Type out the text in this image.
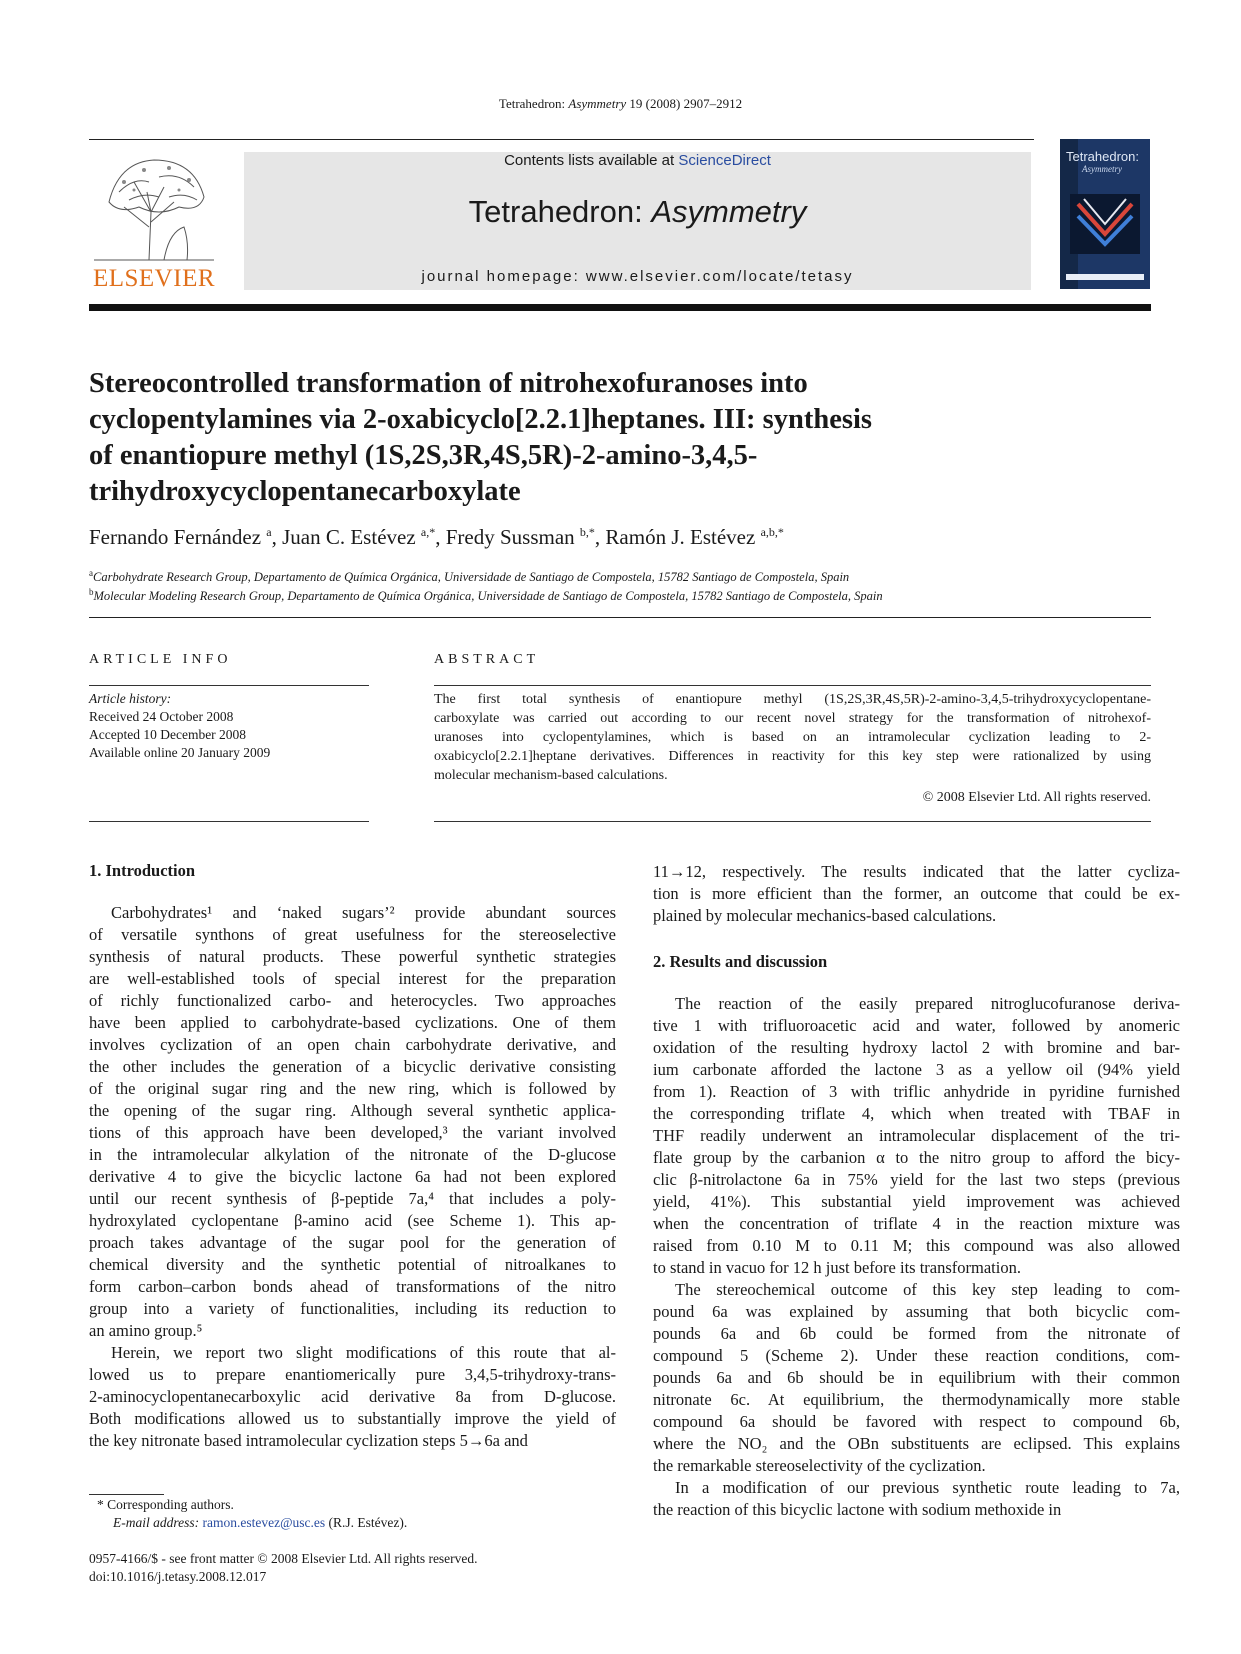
Tetrahedron: Asymmetry 19 (2008) 2907–2912
ELSEVIER
Contents lists available at ScienceDirect
Tetrahedron: Asymmetry
journal homepage: www.elsevier.com/locate/tetasy
Tetrahedron:
Asymmetry
Stereocontrolled transformation of nitrohexofuranoses into
cyclopentylamines via 2-oxabicyclo[2.2.1]heptanes. III: synthesis
of enantiopure methyl (1S,2S,3R,4S,5R)-2-amino-3,4,5-
trihydroxycyclopentanecarboxylate
Fernando Fernández $^a$, Juan C. Estévez $^{a,*}$, Fredy Sussman $^{b,*}$, Ramón J. Estévez $^{a,b,*}$
$^a$Carbohydrate Research Group, Departamento de Química Orgánica, Universidade de Santiago de Compostela, 15782 Santiago de Compostela, Spain
$^b$Molecular Modeling Research Group, Departamento de Química Orgánica, Universidade de Santiago de Compostela, 15782 Santiago de Compostela, Spain
ARTICLE INFO
Article history:
Received 24 October 2008
Accepted 10 December 2008
Available online 20 January 2009
ABSTRACT
The first total synthesis of enantiopure methyl (1S,2S,3R,4S,5R)-2-amino-3,4,5-trihydroxycyclopentane-
carboxylate was carried out according to our recent novel strategy for the transformation of nitrohexof-
uranoses into cyclopentylamines, which is based on an intramolecular cyclization leading to 2-
oxabicyclo[2.2.1]heptane derivatives. Differences in reactivity for this key step were rationalized by using
molecular mechanism-based calculations.
© 2008 Elsevier Ltd. All rights reserved.
1. Introduction
Carbohydrates¹ and ‘naked sugars’² provide abundant sources
of versatile synthons of great usefulness for the stereoselective
synthesis of natural products. These powerful synthetic strategies
are well-established tools of special interest for the preparation
of richly functionalized carbo- and heterocycles. Two approaches
have been applied to carbohydrate-based cyclizations. One of them
involves cyclization of an open chain carbohydrate derivative, and
the other includes the generation of a bicyclic derivative consisting
of the original sugar ring and the new ring, which is followed by
the opening of the sugar ring. Although several synthetic applica-
tions of this approach have been developed,³ the variant involved
in the intramolecular alkylation of the nitronate of the D-glucose
derivative 4 to give the bicyclic lactone 6a had not been explored
until our recent synthesis of β-peptide 7a,⁴ that includes a poly-
hydroxylated cyclopentane β-amino acid (see Scheme 1). This ap-
proach takes advantage of the sugar pool for the generation of
chemical diversity and the synthetic potential of nitroalkanes to
form carbon–carbon bonds ahead of transformations of the nitro
group into a variety of functionalities, including its reduction to
an amino group.⁵
Herein, we report two slight modifications of this route that al-
lowed us to prepare enantiomerically pure 3,4,5-trihydroxy-trans-
2-aminocyclopentanecarboxylic acid derivative 8a from D-glucose.
Both modifications allowed us to substantially improve the yield of
the key nitronate based intramolecular cyclization steps 5→6a and
11→12, respectively. The results indicated that the latter cycliza-
tion is more efficient than the former, an outcome that could be ex-
plained by molecular mechanics-based calculations.
2. Results and discussion
The reaction of the easily prepared nitroglucofuranose deriva-
tive 1 with trifluoroacetic acid and water, followed by anomeric
oxidation of the resulting hydroxy lactol 2 with bromine and bar-
ium carbonate afforded the lactone 3 as a yellow oil (94% yield
from 1). Reaction of 3 with triflic anhydride in pyridine furnished
the corresponding triflate 4, which when treated with TBAF in
THF readily underwent an intramolecular displacement of the tri-
flate group by the carbanion α to the nitro group to afford the bicy-
clic β-nitrolactone 6a in 75% yield for the last two steps (previous
yield, 41%). This substantial yield improvement was achieved
when the concentration of triflate 4 in the reaction mixture was
raised from 0.10 M to 0.11 M; this compound was also allowed
to stand in vacuo for 12 h just before its transformation.
The stereochemical outcome of this key step leading to com-
pound 6a was explained by assuming that both bicyclic com-
pounds 6a and 6b could be formed from the nitronate of
compound 5 (Scheme 2). Under these reaction conditions, com-
pounds 6a and 6b should be in equilibrium with their common
nitronate 6c. At equilibrium, the thermodynamically more stable
compound 6a should be favored with respect to compound 6b,
where the NO₂ and the OBn substituents are eclipsed. This explains
the remarkable stereoselectivity of the cyclization.
In a modification of our previous synthetic route leading to 7a,
the reaction of this bicyclic lactone with sodium methoxide in
* Corresponding authors.
E-mail address: ramon.estevez@usc.es (R.J. Estévez).
0957-4166/$ - see front matter © 2008 Elsevier Ltd. All rights reserved.
doi:10.1016/j.tetasy.2008.12.017
